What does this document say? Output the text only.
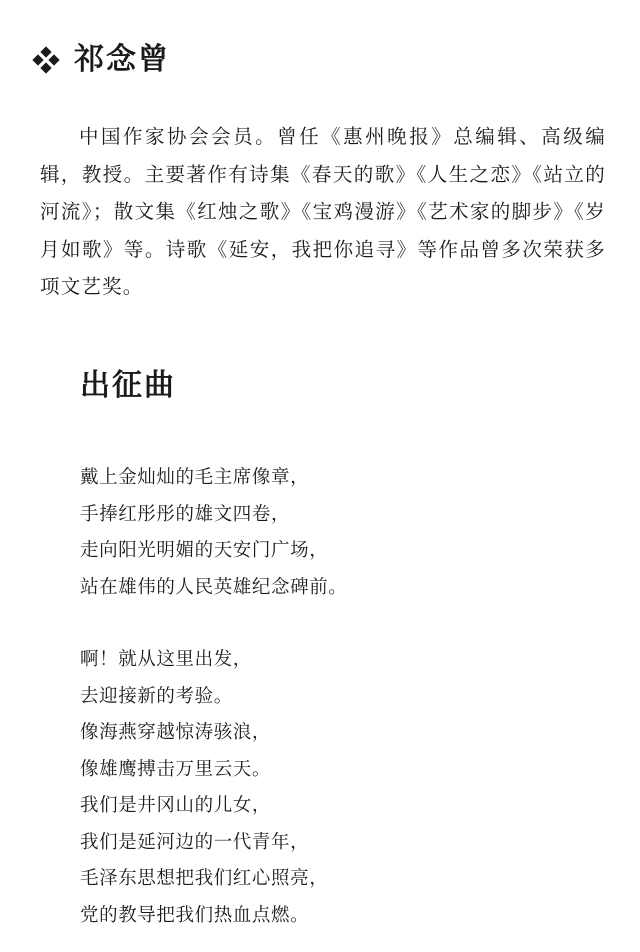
祁念曾

中国作家协会会员。曾任《惠州晚报》总编辑、高级编辑，教授。主要著作有诗集《春天的歌》《人生之恋》《站立的河流》；散文集《红烛之歌》《宝鸡漫游》《艺术家的脚步》《岁月如歌》等。诗歌《延安，我把你追寻》等作品曾多次荣获多项文艺奖。

出征曲
戴上金灿灿的毛主席像章，
手捧红彤彤的雄文四卷，
走向阳光明媚的天安门广场，
站在雄伟的人民英雄纪念碑前。
啊！就从这里出发，
去迎接新的考验。
像海燕穿越惊涛骇浪，
像雄鹰搏击万里云天。
我们是井冈山的儿女，
我们是延河边的一代青年，
毛泽东思想把我们红心照亮，
党的教导把我们热血点燃。
